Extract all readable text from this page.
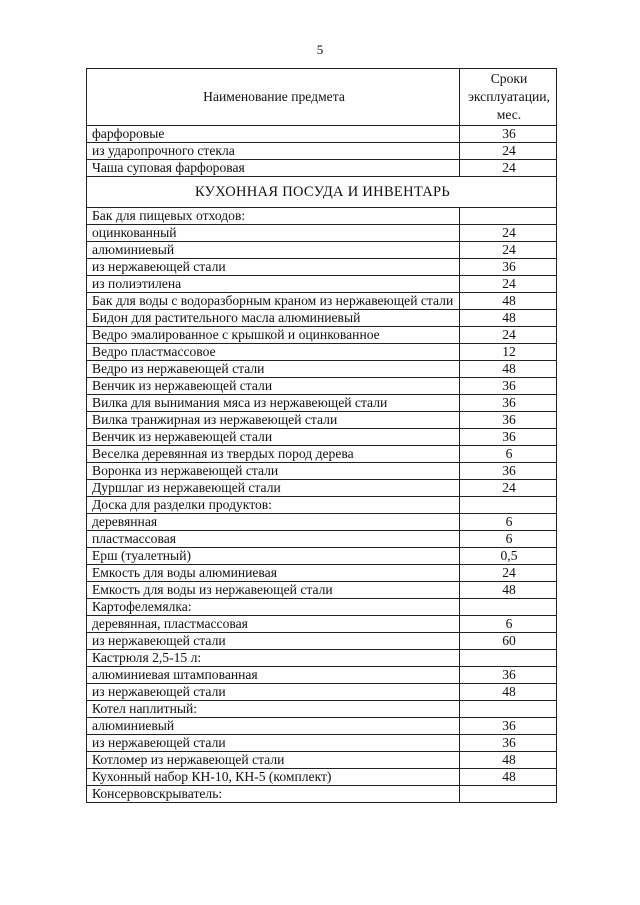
5
Наименование предмета	Сроки
эксплуатации,
мес.

фарфоровые	36
из ударопрочного стекла	24
Чаша суповая фарфоровая	24
КУХОННАЯ ПОСУДА И ИНВЕНТАРЬ	
Бак для пищевых отходов:	
оцинкованный	24
алюминиевый	24
из нержавеющей стали	36
из полиэтилена	24
Бак для воды с водоразборным краном из нержавеющей стали	48
Бидон для растительного масла алюминиевый	48
Ведро эмалированное с крышкой и оцинкованное	24
Ведро пластмассовое	12
Ведро из нержавеющей стали	48
Венчик из нержавеющей стали	36
Вилка для вынимания мяса из нержавеющей стали	36
Вилка транжирная из нержавеющей стали	36
Венчик из нержавеющей стали	36
Веселка деревянная из твердых пород дерева	6
Воронка из нержавеющей стали	36
Дуршлаг из нержавеющей стали	24
Доска для разделки продуктов:	
деревянная	6
пластмассовая	6
Ерш (туалетный)	0,5
Емкость для воды алюминиевая	24
Емкость для воды из нержавеющей стали	48
Картофелемялка:	
деревянная, пластмассовая	6
из нержавеющей стали	60
Кастрюля 2,5-15 л:	
алюминиевая штампованная	36
из нержавеющей стали	48
Котел наплитный:	
алюминиевый	36
из нержавеющей стали	36
Котломер из нержавеющей стали	48
Кухонный набор КН-10, КН-5 (комплект)	48
Консервовскрыватель:	
